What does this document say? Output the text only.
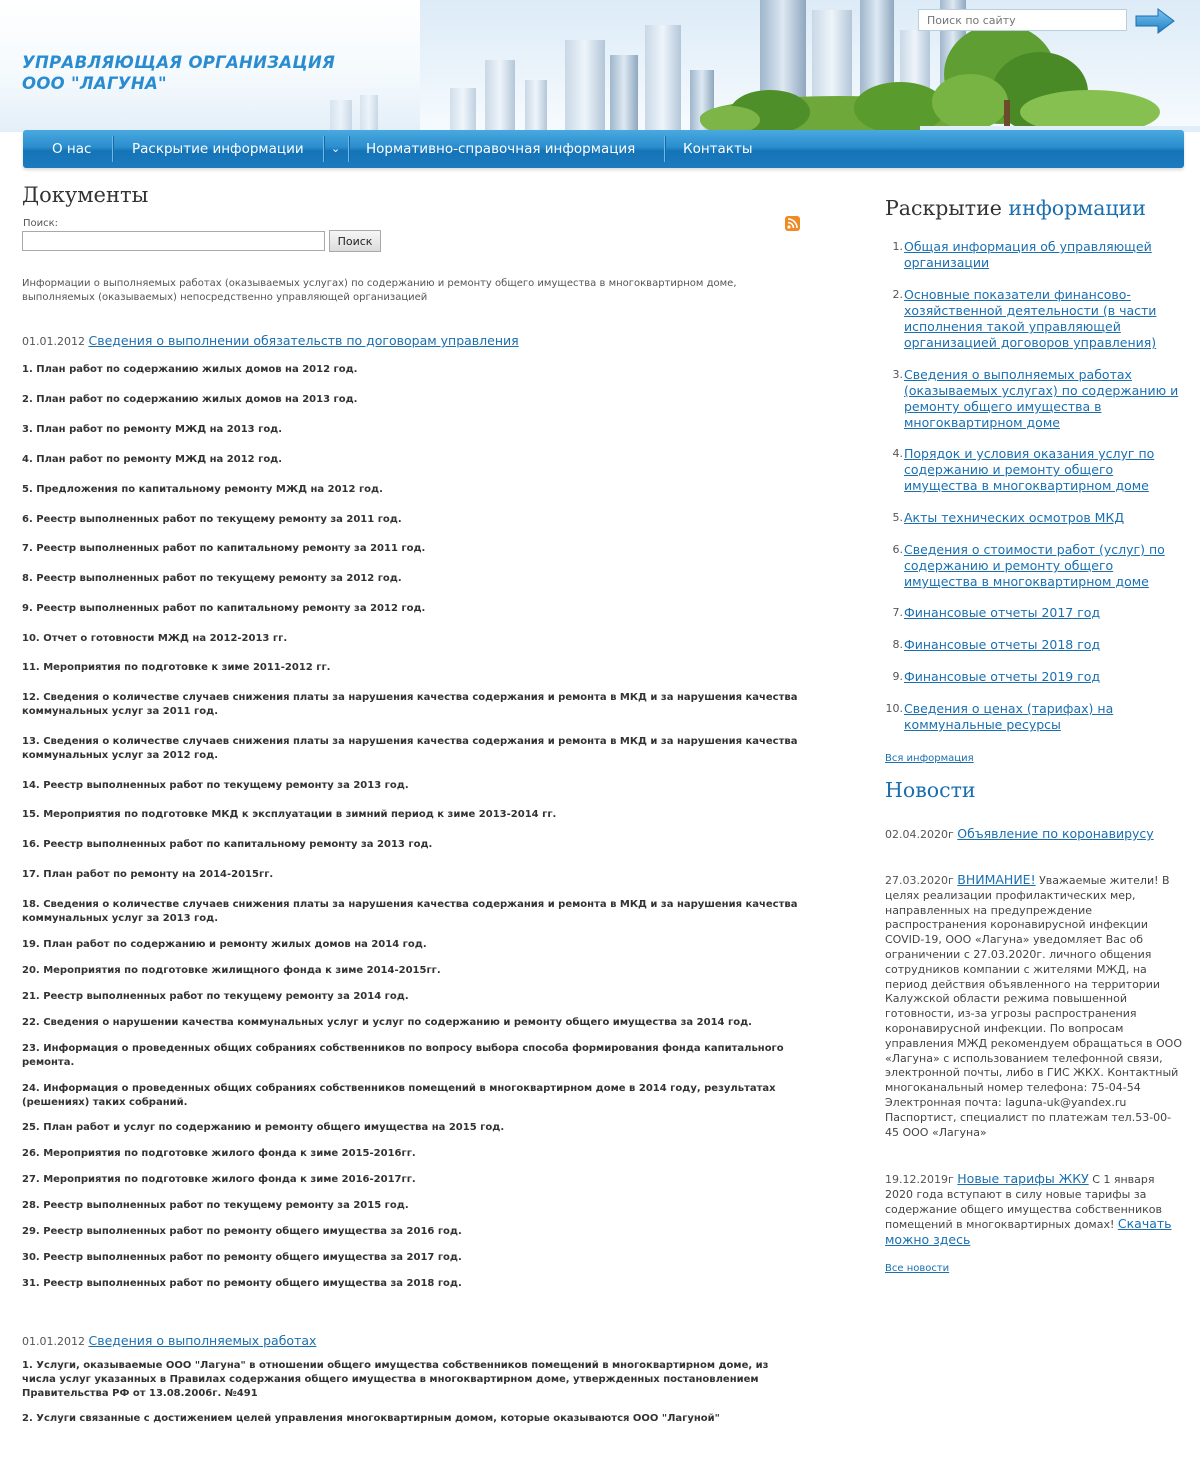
УПРАВЛЯЮЩАЯ ОРГАНИЗАЦИЯ
ООО "ЛАГУНА"
Поиск по сайту
О нас	Раскрытие информации ⌄ Нормативно-справочная информация	Контакты
Документы
Поиск:
Поиск
Информации о выполняемых работах (оказываемых услугах) по содержанию и ремонту общего имущества в многоквартирном доме, выполняемых (оказываемых) непосредственно управляющей организацией
01.01.2012 Сведения о выполнении обязательств по договорам управления
1. План работ по содержанию жилых домов на 2012 год.
2. План работ по содержанию жилых домов на 2013 год.
3. План работ по ремонту МЖД на 2013 год.
4. План работ по ремонту МЖД на 2012 год.
5. Предложения по капитальному ремонту МЖД на 2012 год.
6. Реестр выполненных работ по текущему ремонту за 2011 год.
7. Реестр выполненных работ по капитальному ремонту за 2011 год.
8. Реестр выполненных работ по текущему ремонту за 2012 год.
9. Реестр выполненных работ по капитальному ремонту за 2012 год.
10. Отчет о готовности МЖД на 2012-2013 гг.
11. Мероприятия по подготовке к зиме 2011-2012 гг.
12. Сведения о количестве случаев снижения платы за нарушения качества содержания и ремонта в МКД и за нарушения качества коммунальных услуг за 2011 год.
13. Сведения о количестве случаев снижения платы за нарушения качества содержания и ремонта в МКД и за нарушения качества коммунальных услуг за 2012 год.
14. Реестр выполненных работ по текущему ремонту за 2013 год.
15. Мероприятия по подготовке МКД к эксплуатации в зимний период к зиме 2013-2014 гг.
16. Реестр выполненных работ по капитальному ремонту за 2013 год.
17. План работ по ремонту на 2014-2015гг.
18. Сведения о количестве случаев снижения платы за нарушения качества содержания и ремонта в МКД и за нарушения качества коммунальных услуг за 2013 год.
19. План работ по содержанию и ремонту жилых домов на 2014 год.
20. Мероприятия по подготовке жилищного фонда к зиме 2014-2015гг.
21. Реестр выполненных работ по текущему ремонту за 2014 год.
22. Сведения о нарушении качества коммунальных услуг и услуг по содержанию и ремонту общего имущества за 2014 год.
23. Информация о проведенных общих собраниях собственников по вопросу выбора способа формирования фонда капитального ремонта.
24. Информация о проведенных общих собраниях собственников помещений в многоквартирном доме в 2014 году, результатах (решениях) таких собраний.
25. План работ и услуг по содержанию и ремонту общего имущества на 2015 год.
26. Мероприятия по подготовке жилого фонда к зиме 2015-2016гг.
27. Мероприятия по подготовке жилого фонда к зиме 2016-2017гг.
28. Реестр выполненных работ по текущему ремонту за 2015 год.
29. Реестр выполненных работ по ремонту общего имущества за 2016 год.
30. Реестр выполненных работ по ремонту общего имущества за 2017 год.
31. Реестр выполненных работ по ремонту общего имущества за 2018 год.
01.01.2012 Сведения о выполняемых работах
1. Услуги, оказываемые ООО "Лагуна" в отношении общего имущества собственников помещений в многоквартирном доме, из числа услуг указанных в Правилах содержания общего имущества в многоквартирном доме, утвержденных постановлением Правительства РФ от 13.08.2006г. №491
2. Услуги связанные с достижением целей управления многоквартирным домом, которые оказываются ООО "Лагуной"
Раскрытие информации
1. Общая информация об управляющей организации
2. Основные показатели финансово-хозяйственной деятельности (в части исполнения такой управляющей организацией договоров управления)
3. Сведения о выполняемых работах (оказываемых услугах) по содержанию и ремонту общего имущества в многоквартирном доме
4. Порядок и условия оказания услуг по содержанию и ремонту общего имущества в многоквартирном доме
5. Акты технических осмотров МКД
6. Сведения о стоимости работ (услуг) по содержанию и ремонту общего имущества в многоквартирном доме
7. Финансовые отчеты 2017 год
8. Финансовые отчеты 2018 год
9. Финансовые отчеты 2019 год
10. Сведения о ценах (тарифах) на коммунальные ресурсы
Вся информация
Новости
02.04.2020г Объявление по коронавирусу
27.03.2020г ВНИМАНИЕ! Уважаемые жители! В целях реализации профилактических мер, направленных на предупреждение распространения коронавирусной инфекции COVID-19, ООО «Лагуна» уведомляет Вас об ограничении с 27.03.2020г. личного общения сотрудников компании с жителями МЖД, на период действия объявленного на территории Калужской области режима повышенной готовности, из-за угрозы распространения коронавирусной инфекции. По вопросам управления МЖД рекомендуем обращаться в ООО «Лагуна» с использованием телефонной связи, электронной почты, либо в ГИС ЖКХ. Контактный многоканальный номер телефона: 75-04-54 Электронная почта: laguna-uk@yandex.ru Паспортист, специалист по платежам тел.53-00-45 ООО «Лагуна»
19.12.2019г Новые тарифы ЖКУ С 1 января 2020 года вступают в силу новые тарифы за содержание общего имущества собственников помещений в многоквартирных домах! Скачать можно здесь
Все новости
